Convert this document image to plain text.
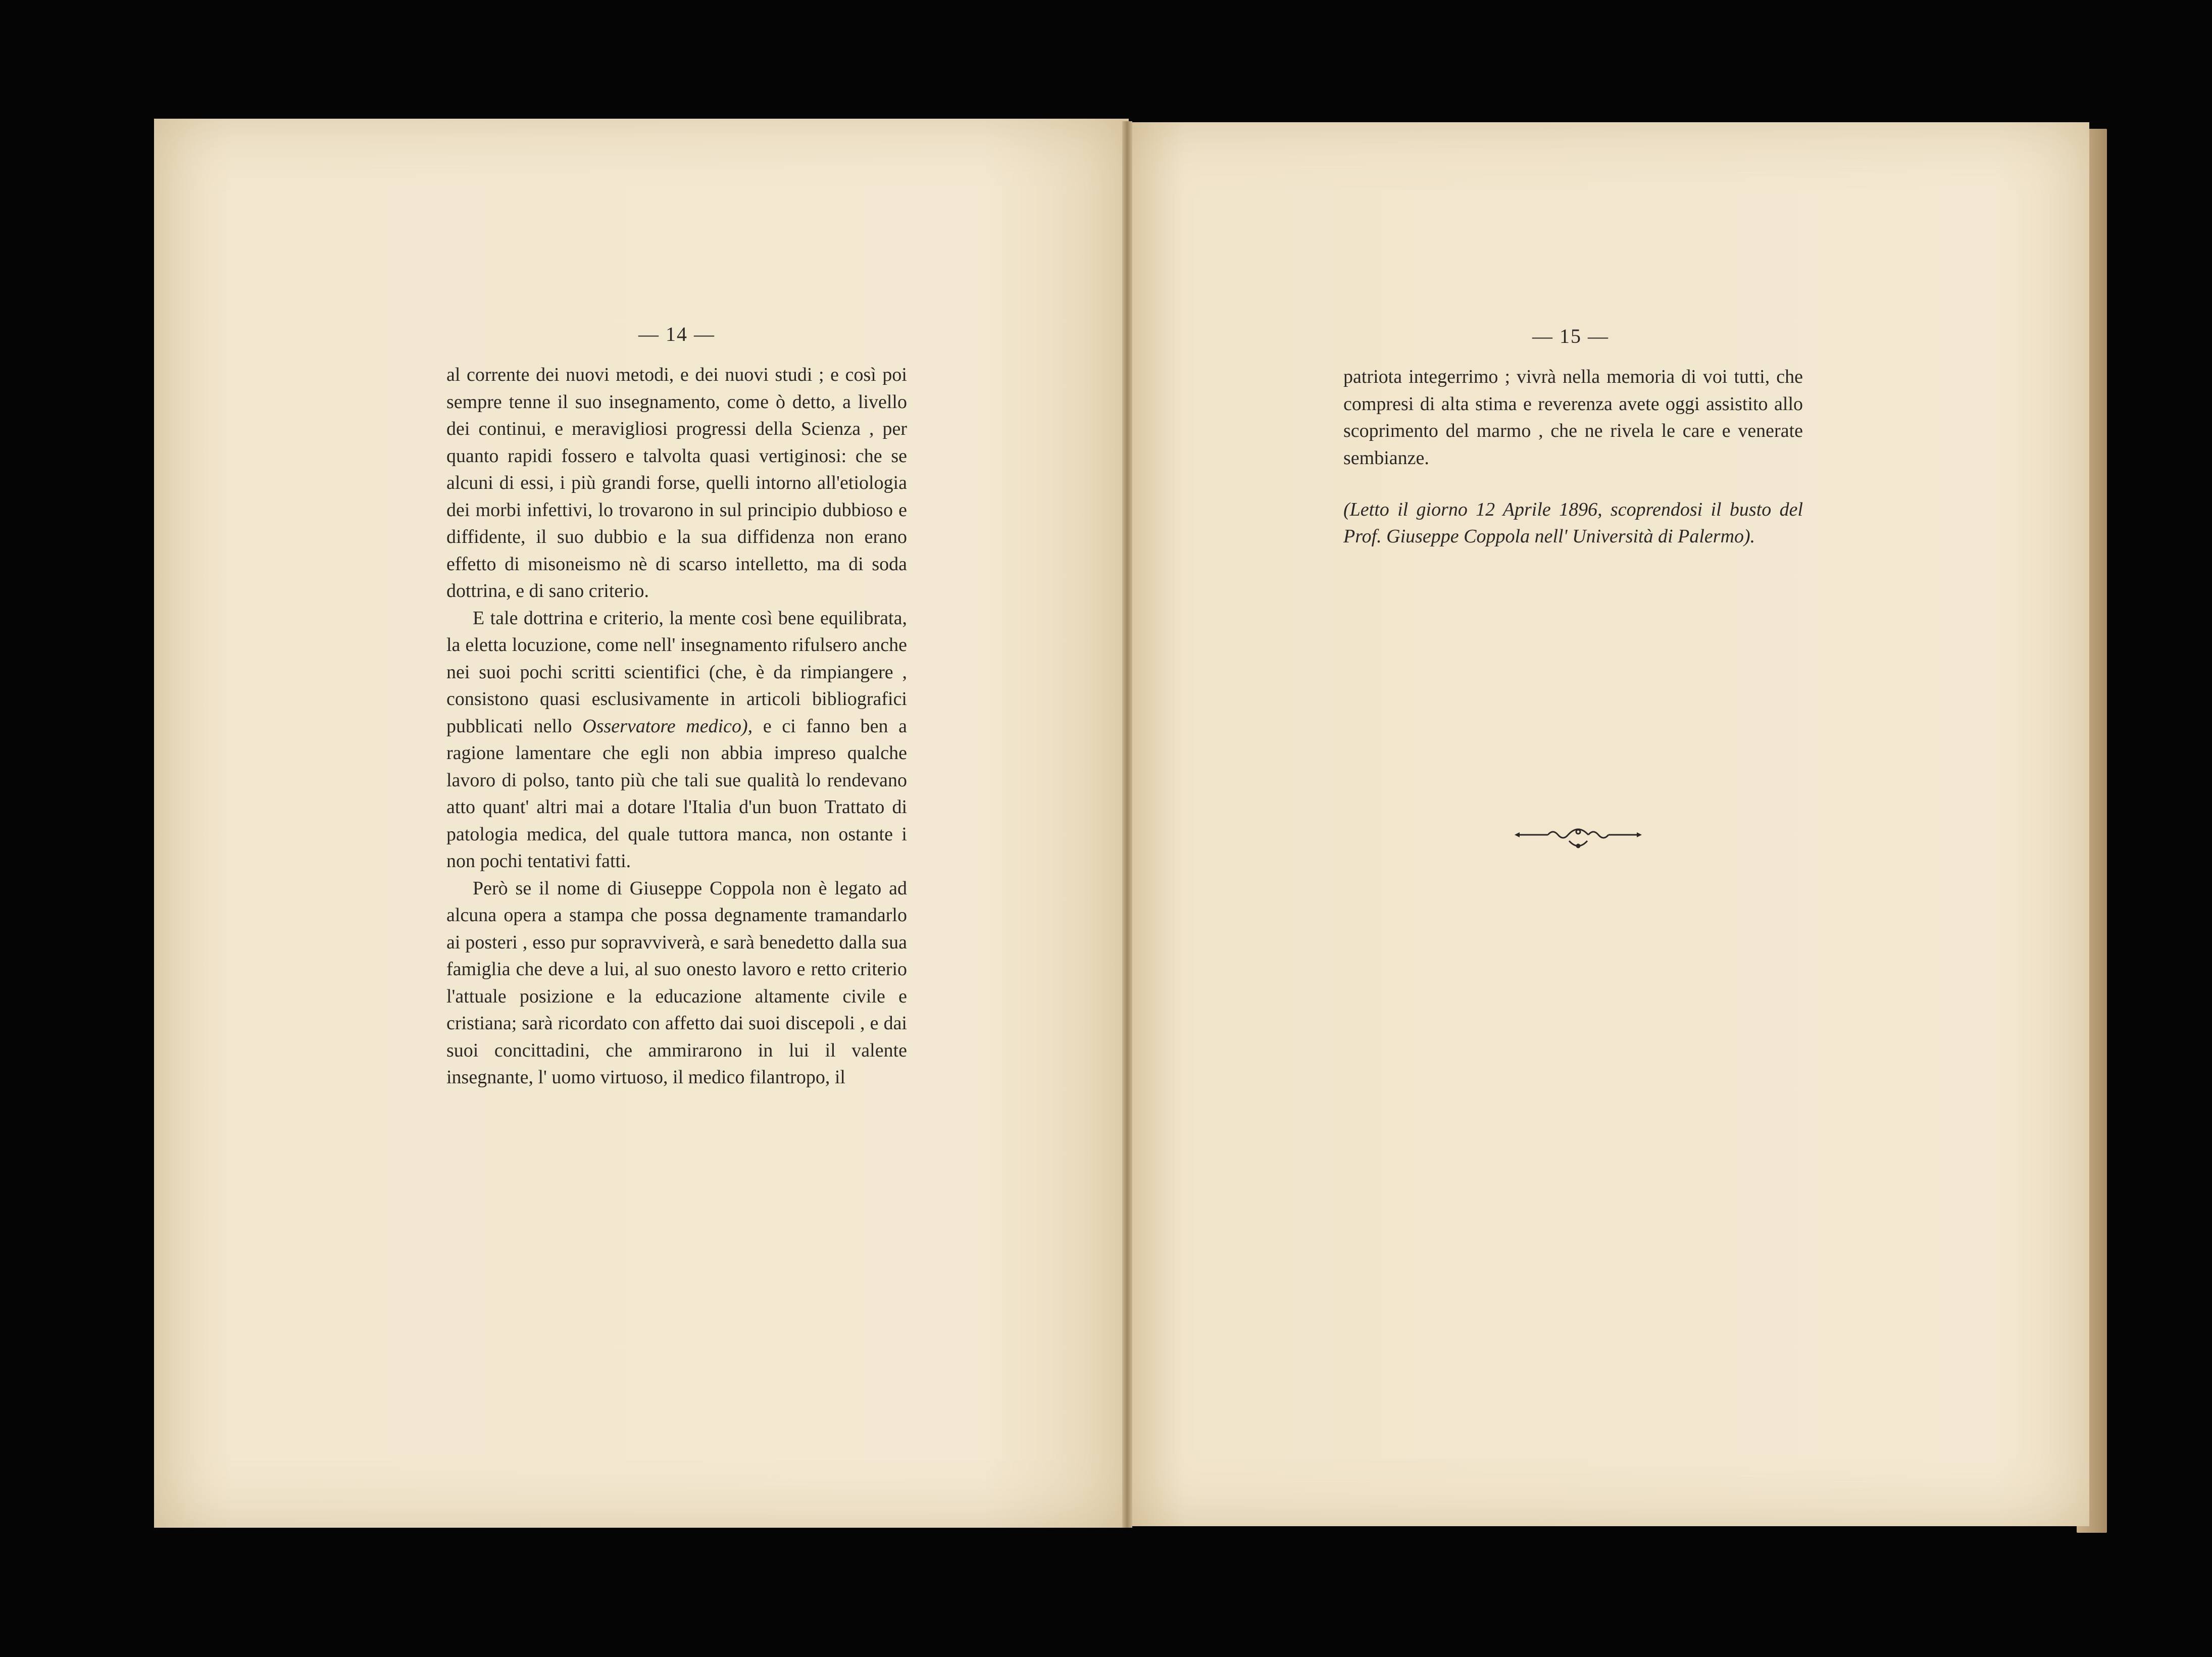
— 14 —

al corrente dei nuovi metodi, e dei nuovi studi ; e così poi sempre tenne il suo insegnamento, come ò detto, a livello dei continui, e meravigliosi progressi della Scienza , per quanto rapidi fossero e talvolta quasi vertiginosi: che se alcuni di essi, i più grandi forse, quelli intorno all'etiologia dei morbi infettivi, lo trovarono in sul principio dubbioso e diffidente, il suo dubbio e la sua diffidenza non erano effetto di misoneismo nè di scarso intelletto, ma di soda dottrina, e di sano criterio.

E tale dottrina e criterio, la mente così bene equilibrata, la eletta locuzione, come nell' insegnamento rifulsero anche nei suoi pochi scritti scientifici (che, è da rimpiangere , consistono quasi esclusivamente in articoli bibliografici pubblicati nello Osservatore medico), e ci fanno ben a ragione lamentare che egli non abbia impreso qualche lavoro di polso, tanto più che tali sue qualità lo rendevano atto quant' altri mai a dotare l'Italia d'un buon Trattato di patologia medica, del quale tuttora manca, non ostante i non pochi tentativi fatti.

Però se il nome di Giuseppe Coppola non è legato ad alcuna opera a stampa che possa degnamente tramandarlo ai posteri , esso pur sopravviverà, e sarà benedetto dalla sua famiglia che deve a lui, al suo onesto lavoro e retto criterio l'attuale posizione e la educazione altamente civile e cristiana; sarà ricordato con affetto dai suoi discepoli , e dai suoi concittadini, che ammirarono in lui il valente insegnante, l' uomo virtuoso, il medico filantropo, il

— 15 —

patriota integerrimo ; vivrà nella memoria di voi tutti, che compresi di alta stima e reverenza avete oggi assistito allo scoprimento del marmo , che ne rivela le care e venerate sembianze.

(Letto il giorno 12 Aprile 1896, scoprendosi il busto del Prof. Giuseppe Coppola nell' Università di Palermo).
